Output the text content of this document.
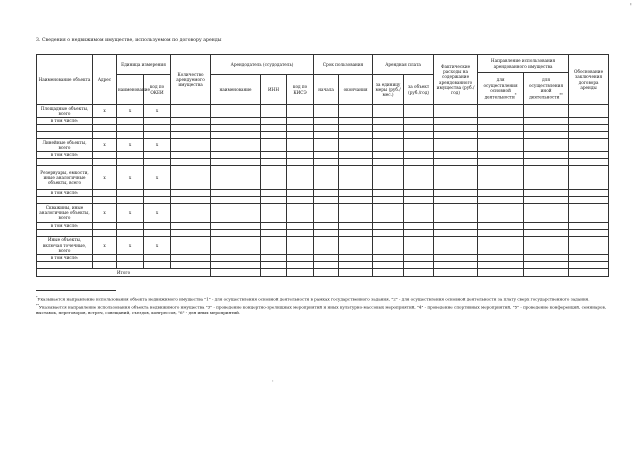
'
3. Сведения о недвижимом имуществе, используемом по договору аренды
Наименование объекта	Адрес	Единица измерения		Количество арендуемого имущества	Арендодатель (ссудодатель)			Срок пользования		Арендная плата		Фактические расходы на содержание арендованного имущества (руб./год)	Направление использования арендованного имущества		Обоснование заключения договора аренды
													для осуществления основной деятельности*	для осуществления иной деятельности**
		наименование	код по ОКЕИ		наименование	ИНН	код по КИСЭ	начала	окончания	за единицу меры (руб./мес.)	за объект (руб./год)				
Площадные объекты, всего	x	x	x												
в том числе:															

Линейные объекты, всего	x	x	x												
в том числе:															

Резервуары, емкости, иные аналогичные объекты, всего	x	x	x												
в том числе:															

Скважины, иные аналогичные объекты, всего	x	x	x												
в том числе:															

Иные объекты, включая точечные, всего	x	x	x												
в том числе:															

Итого															

*Указывается направление использования объекта недвижимого имущества "1" - для осуществления основной деятельности в рамках государственного задания, "2" - для осуществления основной деятельности за плату сверх государственного задания.

**Указывается направление использования объекта недвижимого имущества "3" - проведение концертно-зрелищных мероприятий и иных культурно-массовых мероприятий, "4" - проведение спортивных мероприятий, "5" - проведение конференций, семинаров, выставок, переговоров, встреч, совещаний, съездов, конгрессов, "6" - для иных мероприятий.

'
